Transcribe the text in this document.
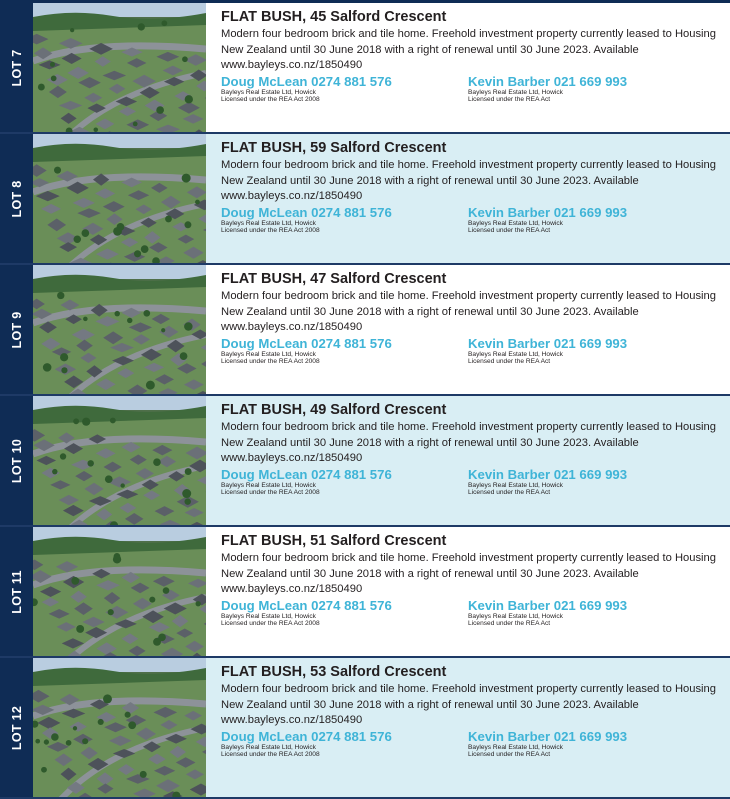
LOT 7
FLAT BUSH, 45 Salford Crescent
Modern four bedroom brick and tile home. Freehold investment property currently leased to Housing New Zealand until 30 June 2018 with a right of renewal until 30 June 2023. Available
www.bayleys.co.nz/1850490
Doug McLean 0274 881 576
Bayleys Real Estate Ltd, Howick
Licensed under the REA Act 2008
Kevin Barber 021 669 993
Bayleys Real Estate Ltd, Howick
Licensed under the REA Act
LOT 8
FLAT BUSH, 59 Salford Crescent
Modern four bedroom brick and tile home. Freehold investment property currently leased to Housing New Zealand until 30 June 2018 with a right of renewal until 30 June 2023. Available
www.bayleys.co.nz/1850490
Doug McLean 0274 881 576
Bayleys Real Estate Ltd, Howick
Licensed under the REA Act 2008
Kevin Barber 021 669 993
Bayleys Real Estate Ltd, Howick
Licensed under the REA Act
LOT 9
FLAT BUSH, 47 Salford Crescent
Modern four bedroom brick and tile home. Freehold investment property currently leased to Housing New Zealand until 30 June 2018 with a right of renewal until 30 June 2023. Available
www.bayleys.co.nz/1850490
Doug McLean 0274 881 576
Bayleys Real Estate Ltd, Howick
Licensed under the REA Act 2008
Kevin Barber 021 669 993
Bayleys Real Estate Ltd, Howick
Licensed under the REA Act
LOT 10
FLAT BUSH, 49 Salford Crescent
Modern four bedroom brick and tile home. Freehold investment property currently leased to Housing New Zealand until 30 June 2018 with a right of renewal until 30 June 2023. Available
www.bayleys.co.nz/1850490
Doug McLean 0274 881 576
Bayleys Real Estate Ltd, Howick
Licensed under the REA Act 2008
Kevin Barber 021 669 993
Bayleys Real Estate Ltd, Howick
Licensed under the REA Act
LOT 11
FLAT BUSH, 51 Salford Crescent
Modern four bedroom brick and tile home. Freehold investment property currently leased to Housing New Zealand until 30 June 2018 with a right of renewal until 30 June 2023. Available
www.bayleys.co.nz/1850490
Doug McLean 0274 881 576
Bayleys Real Estate Ltd, Howick
Licensed under the REA Act 2008
Kevin Barber 021 669 993
Bayleys Real Estate Ltd, Howick
Licensed under the REA Act
LOT 12
FLAT BUSH, 53 Salford Crescent
Modern four bedroom brick and tile home. Freehold investment property currently leased to Housing New Zealand until 30 June 2018 with a right of renewal until 30 June 2023. Available
www.bayleys.co.nz/1850490
Doug McLean 0274 881 576
Bayleys Real Estate Ltd, Howick
Licensed under the REA Act 2008
Kevin Barber 021 669 993
Bayleys Real Estate Ltd, Howick
Licensed under the REA Act
